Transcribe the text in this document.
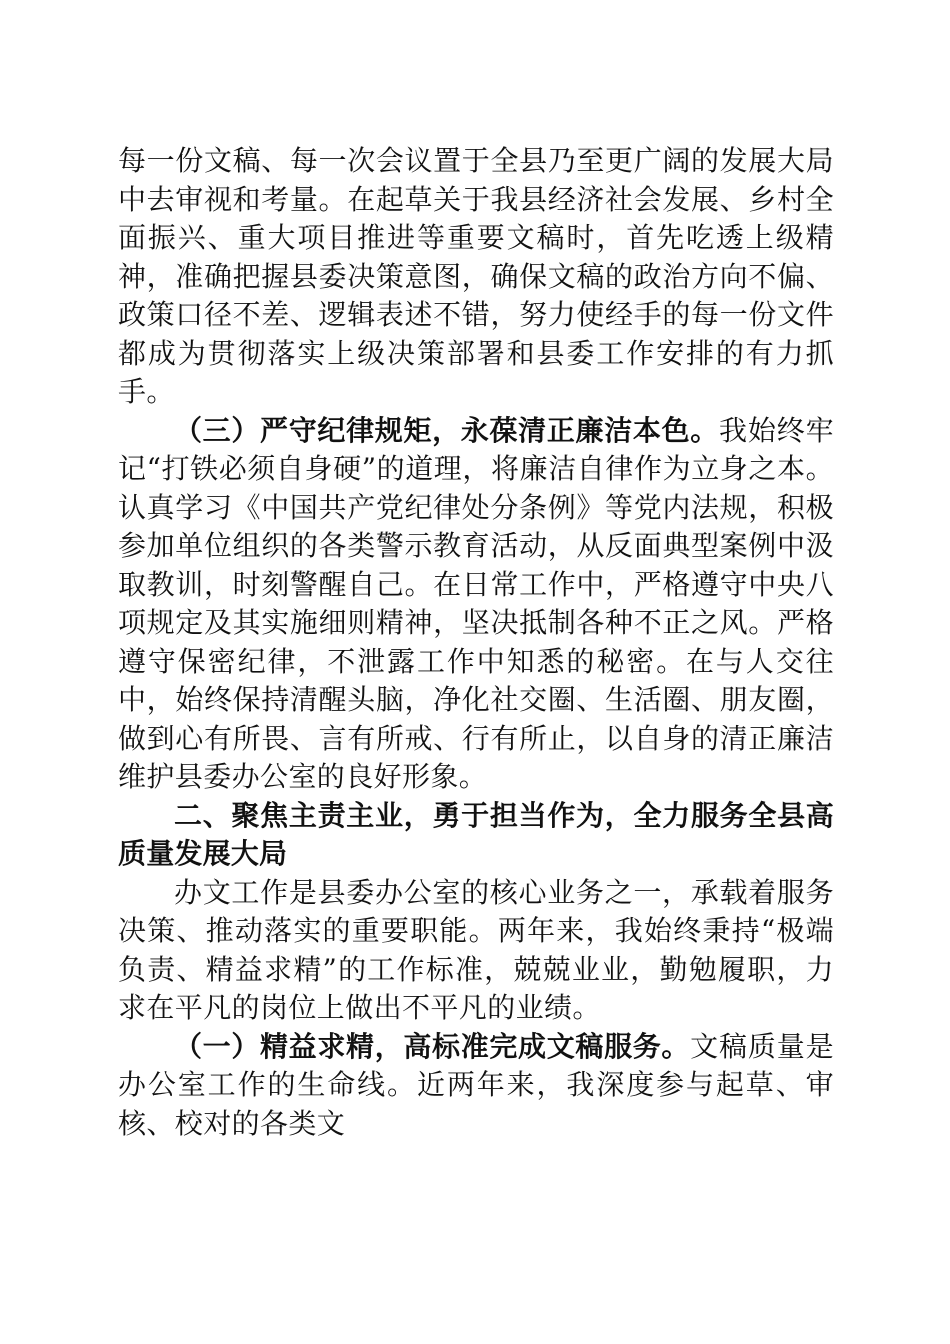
每一份文稿、每一次会议置于全县乃至更广阔的发展大局中去审视和考量。在起草关于我县经济社会发展、乡村全面振兴、重大项目推进等重要文稿时，首先吃透上级精神，准确把握县委决策意图，确保文稿的政治方向不偏、政策口径不差、逻辑表述不错，努力使经手的每一份文件都成为贯彻落实上级决策部署和县委工作安排的有力抓手。

（三）严守纪律规矩，永葆清正廉洁本色。我始终牢记“打铁必须自身硬”的道理，将廉洁自律作为立身之本。认真学习《中国共产党纪律处分条例》等党内法规，积极参加单位组织的各类警示教育活动，从反面典型案例中汲取教训，时刻警醒自己。在日常工作中，严格遵守中央八项规定及其实施细则精神，坚决抵制各种不正之风。严格遵守保密纪律，不泄露工作中知悉的秘密。在与人交往中，始终保持清醒头脑，净化社交圈、生活圈、朋友圈，做到心有所畏、言有所戒、行有所止，以自身的清正廉洁维护县委办公室的良好形象。

二、聚焦主责主业，勇于担当作为，全力服务全县高质量发展大局

办文工作是县委办公室的核心业务之一，承载着服务决策、推动落实的重要职能。两年来，我始终秉持“极端负责、精益求精”的工作标准，兢兢业业，勤勉履职，力求在平凡的岗位上做出不平凡的业绩。

（一）精益求精，高标准完成文稿服务。文稿质量是办公室工作的生命线。近两年来，我深度参与起草、审核、校对的各类文
